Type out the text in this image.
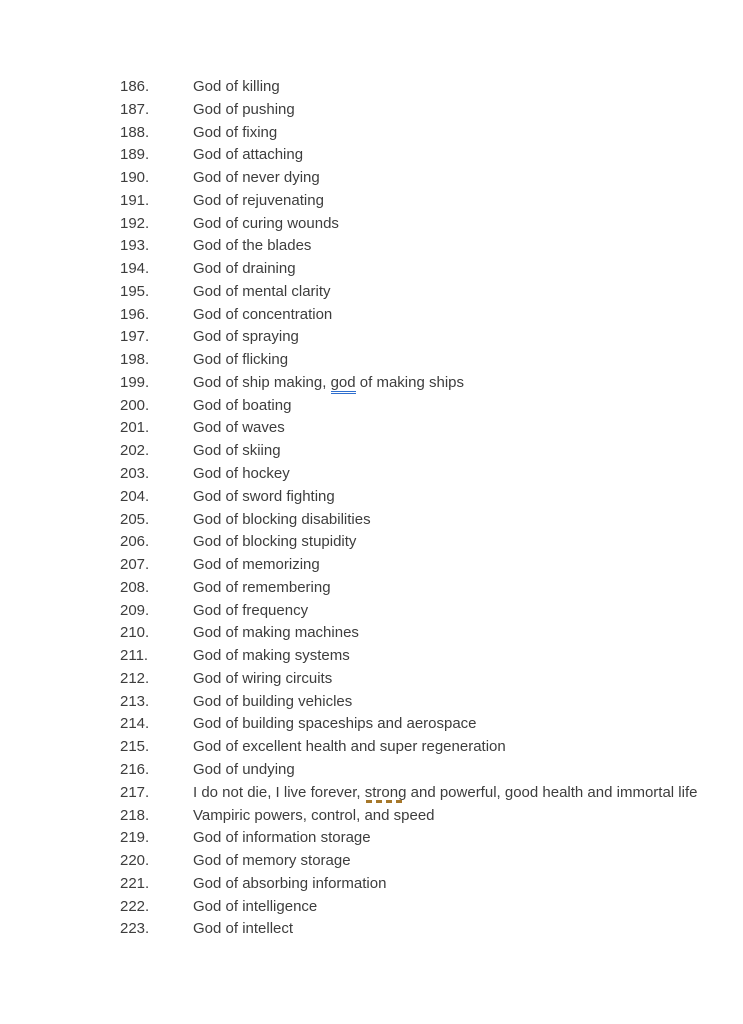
186.	God of killing
187.	God of pushing
188.	God of fixing
189.	God of attaching
190.	God of never dying
191.	God of rejuvenating
192.	God of curing wounds
193.	God of the blades
194.	God of draining
195.	God of mental clarity
196.	God of concentration
197.	God of spraying
198.	God of flicking
199.	God of ship making, god of making ships
200.	God of boating
201.	God of waves
202.	God of skiing
203.	God of hockey
204.	God of sword fighting
205.	God of blocking disabilities
206.	God of blocking stupidity
207.	God of memorizing
208.	God of remembering
209.	God of frequency
210.	God of making machines
211.	God of making systems
212.	God of wiring circuits
213.	God of building vehicles
214.	God of building spaceships and aerospace
215.	God of excellent health and super regeneration
216.	God of undying
217.	I do not die, I live forever, strong and powerful, good health and immortal life
218.	Vampiric powers, control, and speed
219.	God of information storage
220.	God of memory storage
221.	God of absorbing information
222.	God of intelligence
223.	God of intellect
